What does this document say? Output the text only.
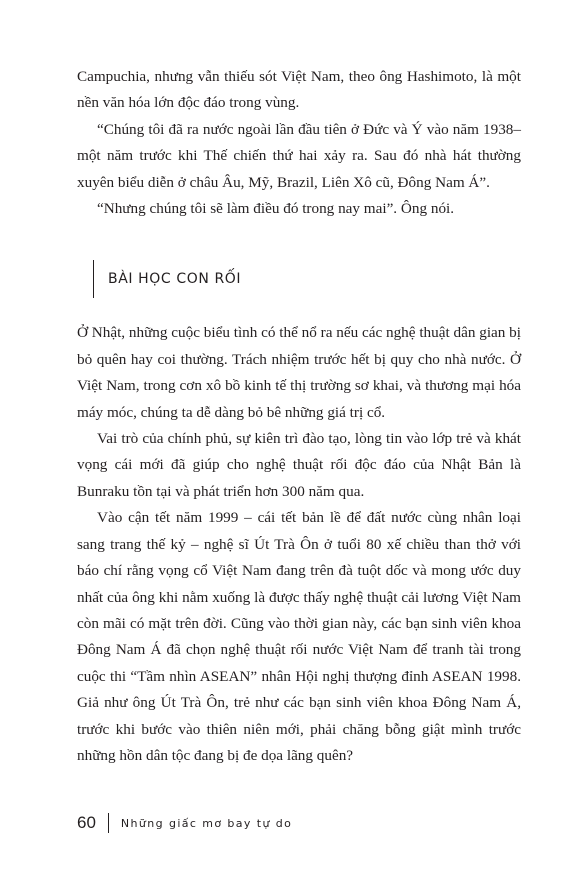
Campuchia, nhưng vẫn thiếu sót Việt Nam, theo ông Hashimoto, là một nền văn hóa lớn độc đáo trong vùng.

“Chúng tôi đã ra nước ngoài lần đầu tiên ở Đức và Ý vào năm 1938–một năm trước khi Thế chiến thứ hai xảy ra. Sau đó nhà hát thường xuyên biểu diễn ở châu Âu, Mỹ, Brazil, Liên Xô cũ, Đông Nam Á”.

“Nhưng chúng tôi sẽ làm điều đó trong nay mai”. Ông nói.

BÀI HỌC CON RỐI

Ở Nhật, những cuộc biểu tình có thể nổ ra nếu các nghệ thuật dân gian bị bỏ quên hay coi thường. Trách nhiệm trước hết bị quy cho nhà nước. Ở Việt Nam, trong cơn xô bồ kinh tế thị trường sơ khai, và thương mại hóa máy móc, chúng ta dễ dàng bỏ bê những giá trị cổ.

Vai trò của chính phủ, sự kiên trì đào tạo, lòng tin vào lớp trẻ và khát vọng cái mới đã giúp cho nghệ thuật rối độc đáo của Nhật Bản là Bunraku tồn tại và phát triển hơn 300 năm qua.

Vào cận tết năm 1999 – cái tết bản lề để đất nước cùng nhân loại sang trang thế kỷ – nghệ sĩ Út Trà Ôn ở tuổi 80 xế chiều than thở với báo chí rằng vọng cổ Việt Nam đang trên đà tuột dốc và mong ước duy nhất của ông khi nằm xuống là được thấy nghệ thuật cải lương Việt Nam còn mãi có mặt trên đời. Cũng vào thời gian này, các bạn sinh viên khoa Đông Nam Á đã chọn nghệ thuật rối nước Việt Nam để tranh tài trong cuộc thi “Tầm nhìn ASEAN” nhân Hội nghị thượng đỉnh ASEAN 1998. Giả như ông Út Trà Ôn, trẻ như các bạn sinh viên khoa Đông Nam Á, trước khi bước vào thiên niên mới, phải chăng bỗng giật mình trước những hồn dân tộc đang bị đe dọa lãng quên?

60	Những giấc mơ bay tự do
